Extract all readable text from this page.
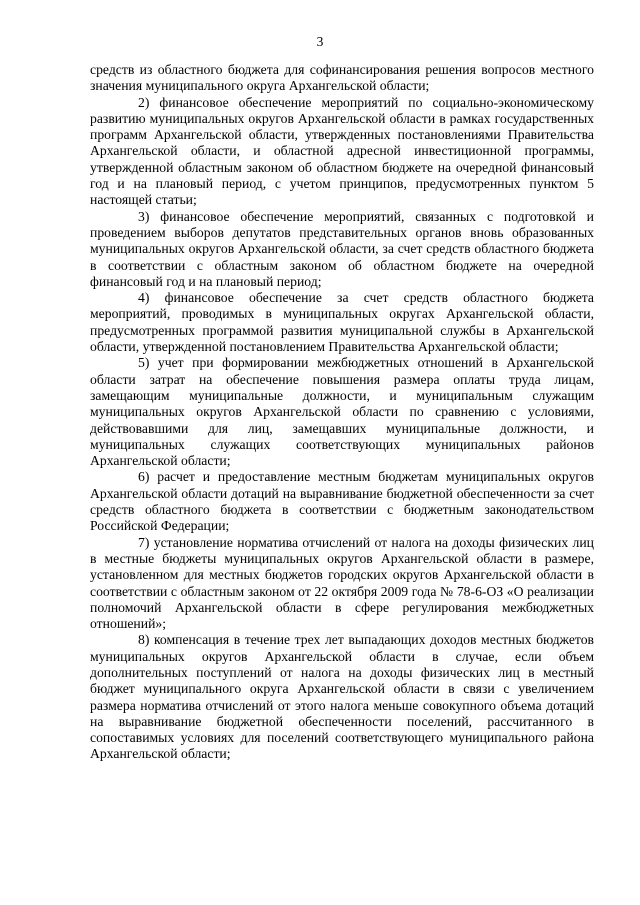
3

средств из областного бюджета для софинансирования решения вопросов местного значения муниципального округа Архангельской области;

2) финансовое обеспечение мероприятий по социально-экономическому развитию муниципальных округов Архангельской области в рамках государственных программ Архангельской области, утвержденных постановлениями Правительства Архангельской области, и областной адресной инвестиционной программы, утвержденной областным законом об областном бюджете на очередной финансовый год и на плановый период, с учетом принципов, предусмотренных пунктом 5 настоящей статьи;

3) финансовое обеспечение мероприятий, связанных с подготовкой и проведением выборов депутатов представительных органов вновь образованных муниципальных округов Архангельской области, за счет средств областного бюджета в соответствии с областным законом об областном бюджете на очередной финансовый год и на плановый период;

4) финансовое обеспечение за счет средств областного бюджета мероприятий, проводимых в муниципальных округах Архангельской области, предусмотренных программой развития муниципальной службы в Архангельской области, утвержденной постановлением Правительства Архангельской области;

5) учет при формировании межбюджетных отношений в Архангельской области затрат на обеспечение повышения размера оплаты труда лицам, замещающим муниципальные должности, и муниципальным служащим муниципальных округов Архангельской области по сравнению с условиями, действовавшими для лиц, замещавших муниципальные должности, и муниципальных служащих соответствующих муниципальных районов Архангельской области;

6) расчет и предоставление местным бюджетам муниципальных округов Архангельской области дотаций на выравнивание бюджетной обеспеченности за счет средств областного бюджета в соответствии с бюджетным законодательством Российской Федерации;

7) установление норматива отчислений от налога на доходы физических лиц в местные бюджеты муниципальных округов Архангельской области в размере, установленном для местных бюджетов городских округов Архангельской области в соответствии с областным законом от 22 октября 2009 года № 78-6-ОЗ «О реализации полномочий Архангельской области в сфере регулирования межбюджетных отношений»;

8) компенсация в течение трех лет выпадающих доходов местных бюджетов муниципальных округов Архангельской области в случае, если объем дополнительных поступлений от налога на доходы физических лиц в местный бюджет муниципального округа Архангельской области в связи с увеличением размера норматива отчислений от этого налога меньше совокупного объема дотаций на выравнивание бюджетной обеспеченности поселений, рассчитанного в сопоставимых условиях для поселений соответствующего муниципального района Архангельской области;
